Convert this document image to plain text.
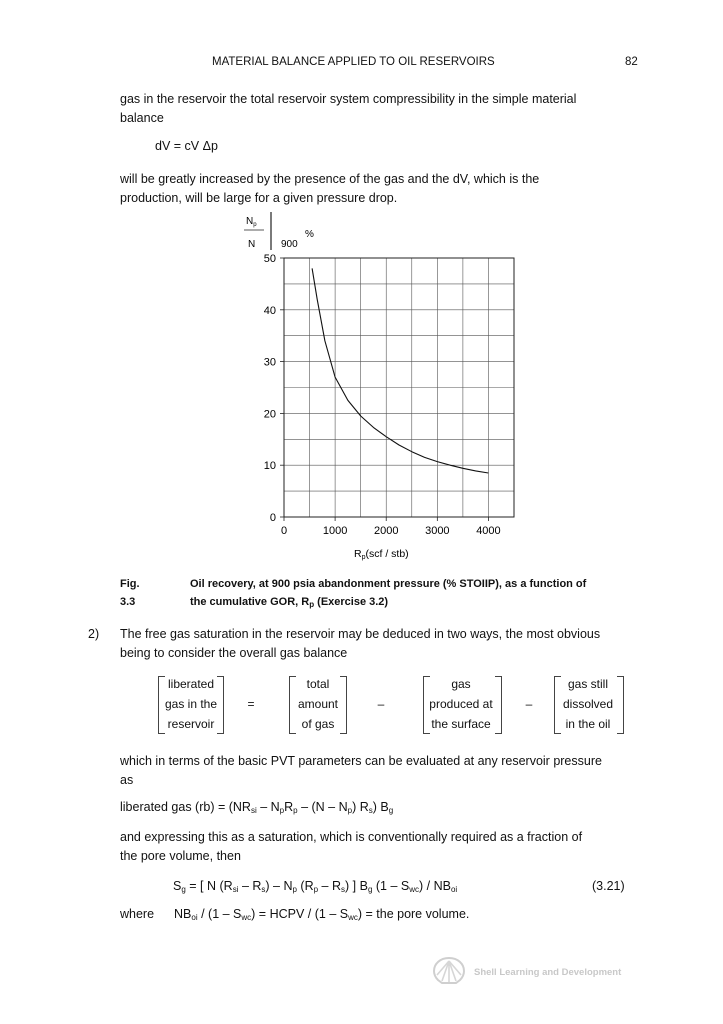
MATERIAL BALANCE APPLIED TO OIL RESERVOIRS	82
gas in the reservoir the total reservoir system compressibility in the simple material
balance
dV = cV Δp
will be greatly increased by the presence of the gas and the dV, which is the
production, will be large for a given pressure drop.
$N_p$
N
%
900
0
10
20
30
40
50
0	1000 2000 3000 4000
Rp(scf / stb)
Fig. 3.3
Oil recovery, at 900 psia abandonment pressure (% STOIIP), as a function of
the cumulative GOR, $R_p$ (Exercise 3.2)
2) The free gas saturation in the reservoir may be deduced in two ways, the most obvious
being to consider the overall gas balance
liberated
gas in the
reservoir
=
total
amount
of gas
–
gas
produced at
the surface
–
gas still
dissolved
in the oil
which in terms of the basic PVT parameters can be evaluated at any reservoir pressure
as
liberated gas $(rb) = (NR_{si} - N_pR_p - (N - N_p)$ $R_s$) $B_g$
and expressing this as a saturation, which is conventionally required as a fraction of
the pore volume, then
$S_g$ = [ N $(R_{si} - R_s) - N_p$ $(R_p - R_s)$ ] $B_g$ $(1 - S_{wc}) / NB_{oi}$	(3.21)
where $NB_{oi} / (1 - S_{wc})$ = HCPV / $(1 - S_{wc})$ = the pore volume.
Shell Learning and Development
